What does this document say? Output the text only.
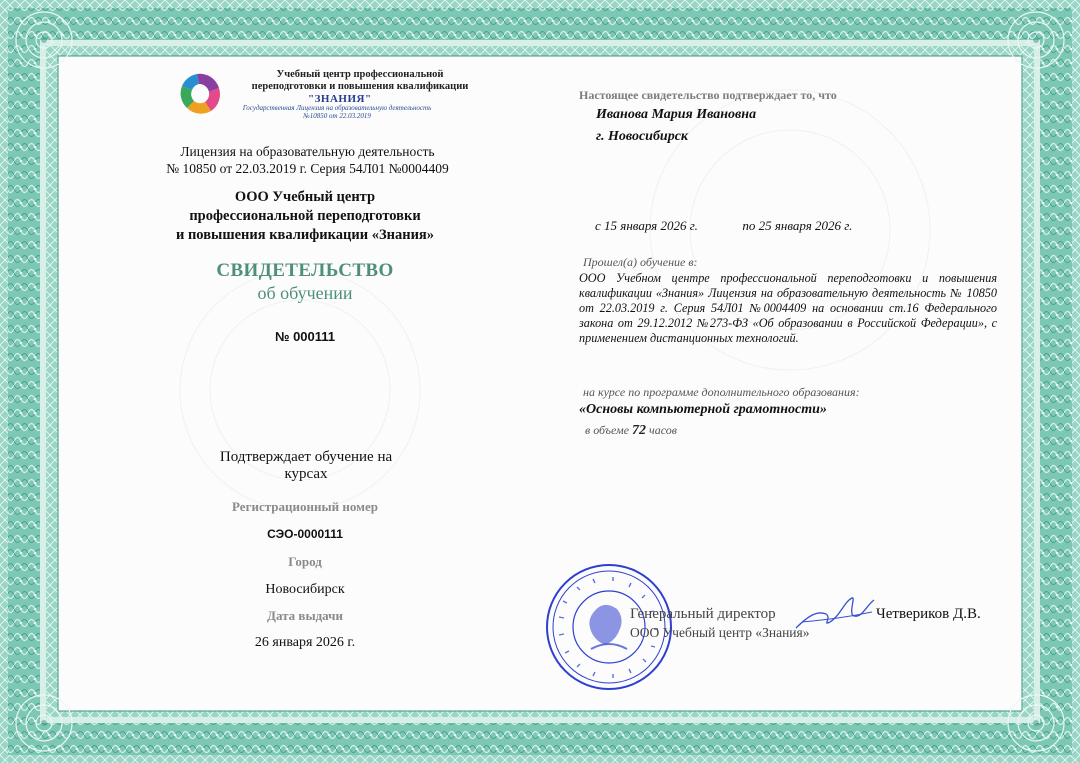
Учебный центр профессиональной
переподготовки и повышения квалификации
"ЗНАНИЯ"
Государственная Лицензия на образовательную деятельность
№10850 от 22.03.2019
Лицензия на образовательную деятельность
№ 10850 от 22.03.2019 г. Серия 54Л01 №0004409
ООО Учебный центр
профессиональной переподготовки
и повышения квалификации «Знания»
СВИДЕТЕЛЬСТВО
об обучении
№ 000111
Подтверждает обучение на
курсах
Регистрационный номер
СЭО-0000111
Город
Новосибирск
Дата выдачи
26 января 2026 г.
Настоящее свидетельство подтверждает то, что
Иванова Мария Ивановна
г. Новосибирск
с 15 января 2026 г.	по 25 января 2026 г.
Прошел(а) обучение в:
ООО Учебном центре профессиональной переподготовки и повышения квалификации «Знания» Лицензия на образовательную деятельность № 10850 от 22.03.2019 г. Серия 54Л01 №0004409 на основании ст.16 Федерального закона от 29.12.2012 №273-ФЗ «Об образовании в Российской Федерации», с применением дистанционных технологий.
на курсе по программе дополнительного образования:
«Основы компьютерной грамотности»
в объеме 72 часов
Генеральный директор
ООО Учебный центр «Знания»
Четвериков Д.В.
